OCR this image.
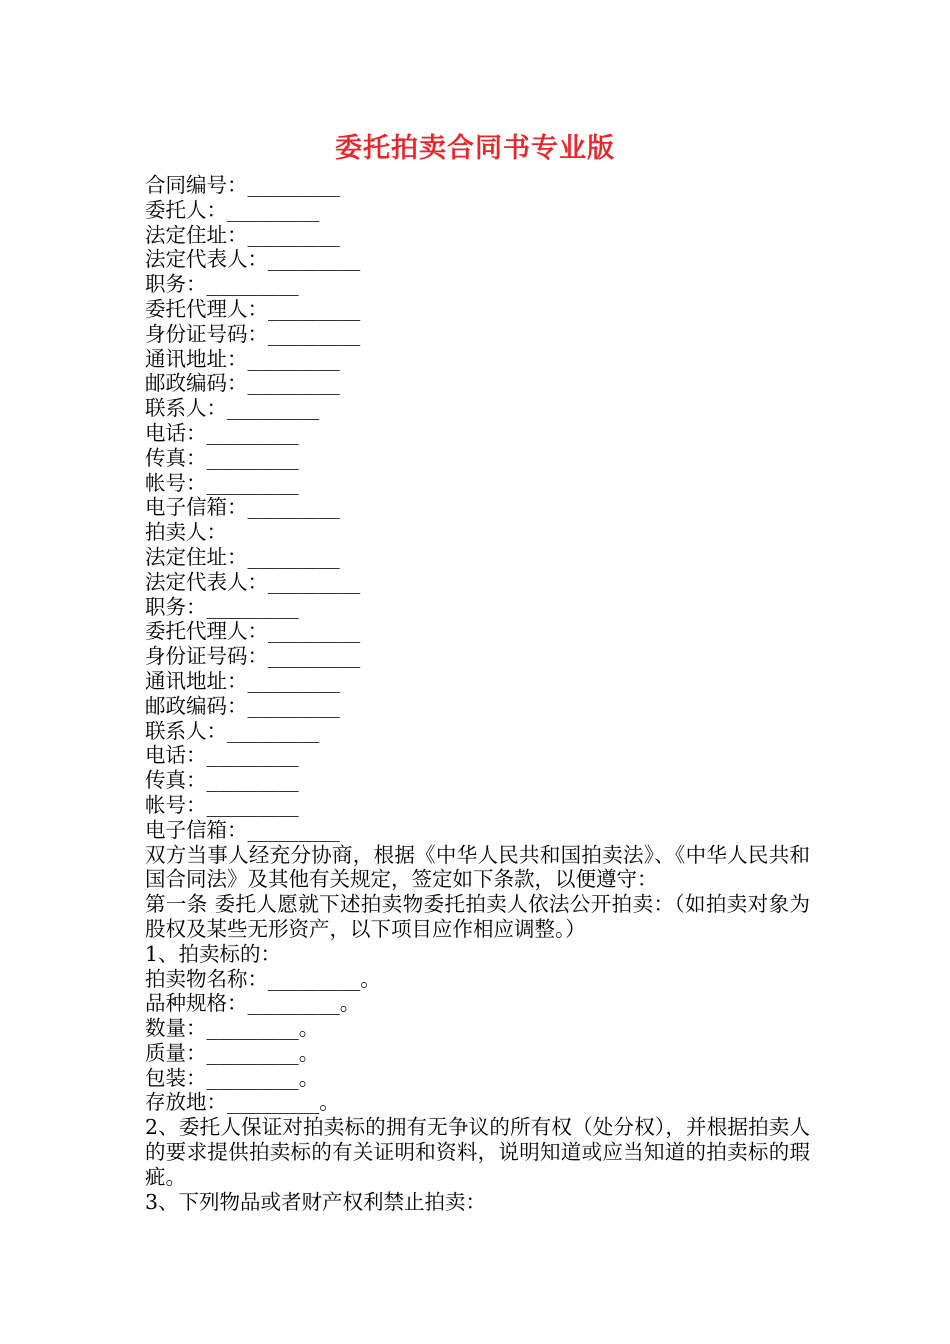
委托拍卖合同书专业版
合同编号：_________
委托人：_________
法定住址：_________
法定代表人：_________
职务：_________
委托代理人：_________
身份证号码：_________
通讯地址：_________
邮政编码：_________
联系人：_________
电话：_________
传真：_________
帐号：_________
电子信箱：_________
拍卖人：
法定住址：_________
法定代表人：_________
职务：_________
委托代理人：_________
身份证号码：_________
通讯地址：_________
邮政编码：_________
联系人：_________
电话：_________
传真：_________
帐号：_________
电子信箱：_________
双方当事人经充分协商，根据《中华人民共和国拍卖法》、《中华人民共和国合同法》及其他有关规定，签定如下条款，以便遵守：
第一条 委托人愿就下述拍卖物委托拍卖人依法公开拍卖：（如拍卖对象为股权及某些无形资产，以下项目应作相应调整。）
1、拍卖标的：
拍卖物名称：_________。
品种规格：_________。
数量：_________。
质量：_________。
包装：_________。
存放地：_________。
2、委托人保证对拍卖标的拥有无争议的所有权（处分权），并根据拍卖人的要求提供拍卖标的有关证明和资料，说明知道或应当知道的拍卖标的瑕疵。
3、下列物品或者财产权利禁止拍卖：
